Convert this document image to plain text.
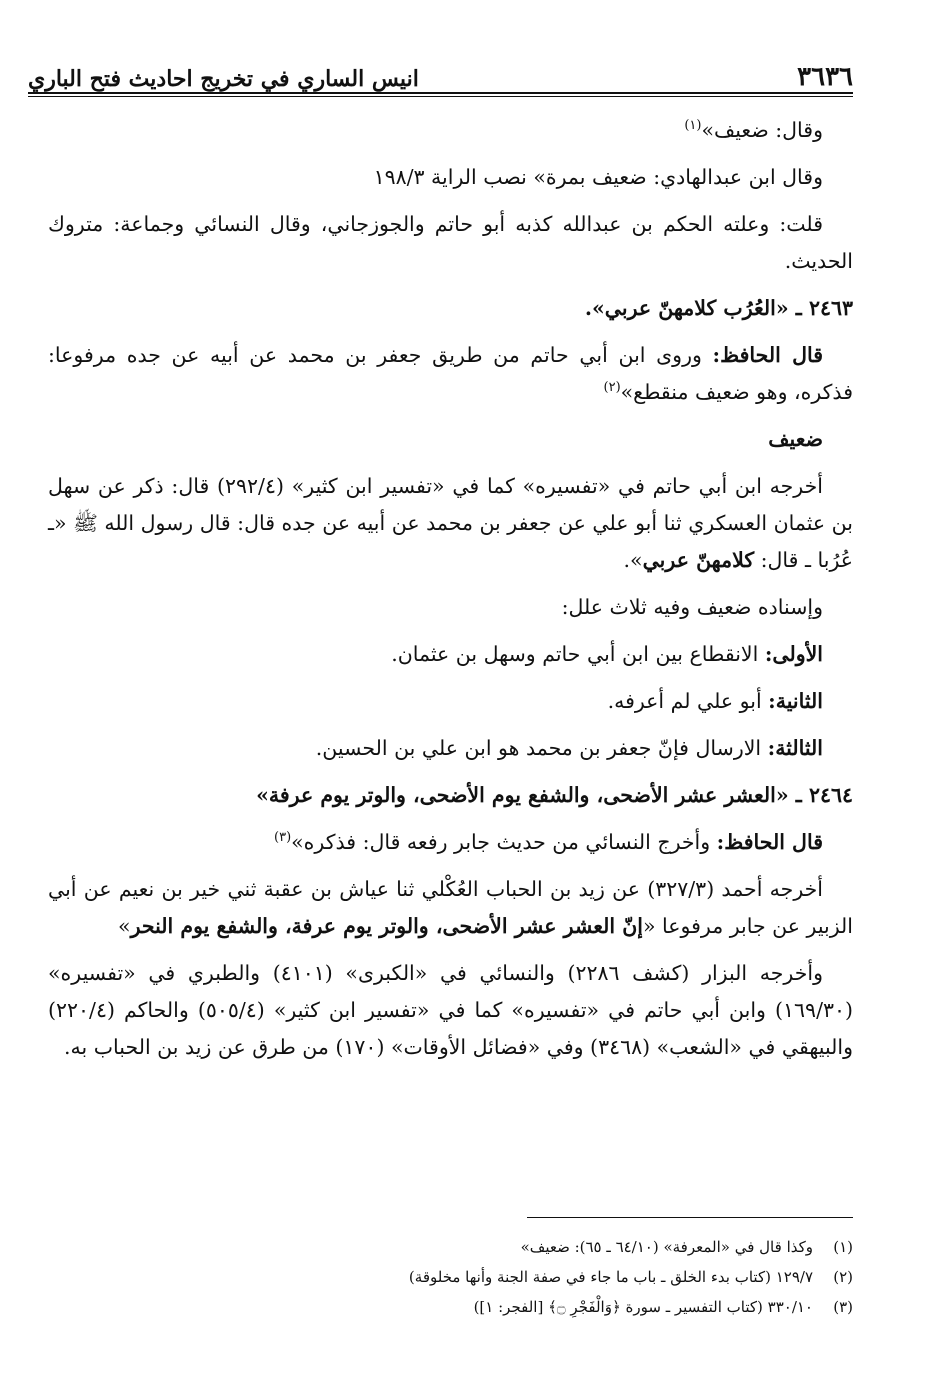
٣٦٣٦
انيس الساري في تخريج احاديث فتح الباري

وقال: ضعيف»$^{(١)}$

وقال ابن عبدالهادي: ضعيف بمرة» نصب الراية ١٩٨/٣

قلت: وعلته الحكم بن عبدالله كذبه أبو حاتم والجوزجاني، وقال النسائي وجماعة: متروك الحديث.

٢٤٦٣ ـ «العُرُب كلامهنّ عربي».

قال الحافظ: وروى ابن أبي حاتم من طريق جعفر بن محمد عن أبيه عن جده مرفوعا: فذكره، وهو ضعيف منقطع»$^{(٢)}$

ضعيف

أخرجه ابن أبي حاتم في «تفسيره» كما في «تفسير ابن كثير» (٢٩٢/٤) قال: ذكر عن سهل بن عثمان العسكري ثنا أبو علي عن جعفر بن محمد عن أبيه عن جده قال: قال رسول الله ﷺ «ـ عُرُبا ـ قال: كلامهنّ عربي».

وإسناده ضعيف وفيه ثلاث علل:

الأولى: الانقطاع بين ابن أبي حاتم وسهل بن عثمان.

الثانية: أبو علي لم أعرفه.

الثالثة: الارسال فإنّ جعفر بن محمد هو ابن علي بن الحسين.

٢٤٦٤ ـ «العشر عشر الأضحى، والشفع يوم الأضحى، والوتر يوم عرفة»

قال الحافظ: وأخرج النسائي من حديث جابر رفعه قال: فذكره»$^{(٣)}$

أخرجه أحمد (٣٢٧/٣) عن زيد بن الحباب العُكْلي ثنا عياش بن عقبة ثني خير بن نعيم عن أبي الزبير عن جابر مرفوعا «إنّ العشر عشر الأضحى، والوتر يوم عرفة، والشفع يوم النحر»

وأخرجه البزار (كشف ٢٢٨٦) والنسائي في «الكبرى» (٤١٠١) والطبري في «تفسيره» (١٦٩/٣٠) وابن أبي حاتم في «تفسيره» كما في «تفسير ابن كثير» (٥٠٥/٤) والحاكم (٢٢٠/٤) والبيهقي في «الشعب» (٣٤٦٨) وفي «فضائل الأوقات» (١٧٠) من طرق عن زيد بن الحباب به.

(١)وكذا قال في «المعرفة» (٦٤/١٠ ـ ٦٥): ضعيف»
(٢)١٢٩/٧ (كتاب بدء الخلق ـ باب ما جاء في صفة الجنة وأنها مخلوقة)
(٣)٣٣٠/١٠ (كتاب التفسير ـ سورة ﴿وَالْفَجْرِ ۝﴾ [الفجر: ١])
